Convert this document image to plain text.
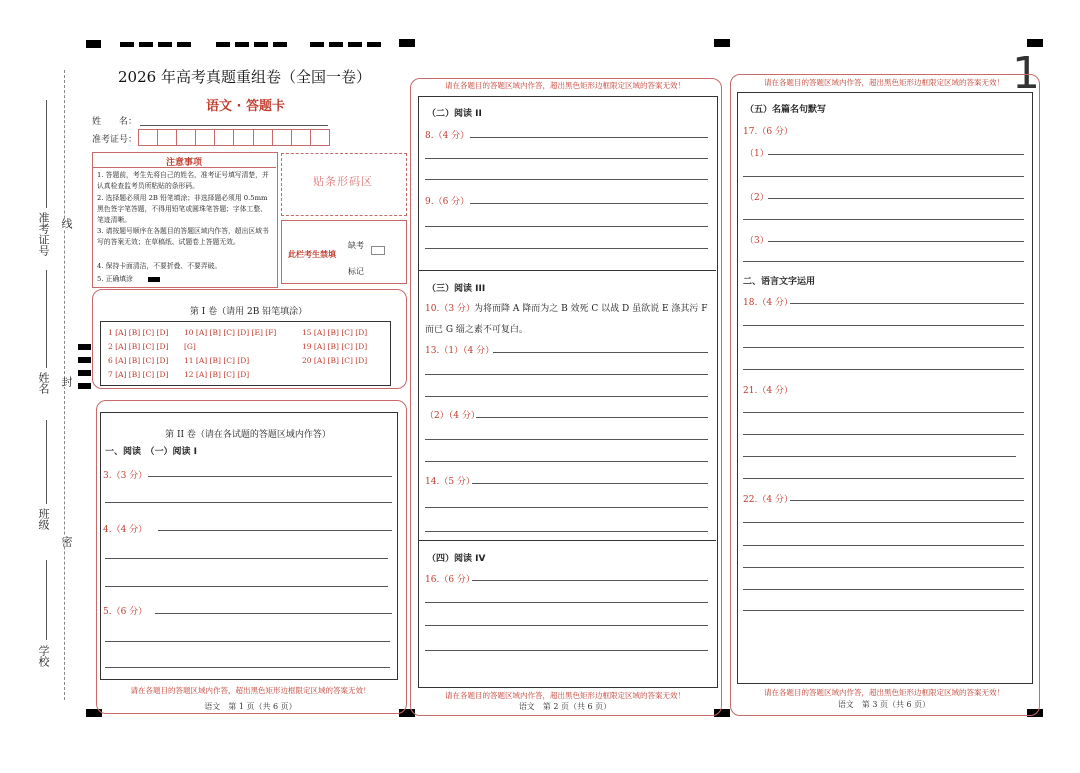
1
准考证号 线
姓名 封
班级
密
学校
2026 年高考真题重组卷（全国一卷）
语文 · 答题卡
姓　　名：
准考证号：
注意事项
1. 答题前，考生先将自己的姓名，准考证号填写清楚，并认真检查监考员所粘贴的条形码。
2. 选择题必须用 2B 铅笔填涂；非选择题必须用 0.5mm 黑色签字笔答题，不得用铅笔或圆珠笔答题；字体工整、笔迹清晰。
3. 请按题号顺序在各题目的答题区域内作答，超出区域书写的答案无效；在草稿纸、试题卷上答题无效。
4. 保持卡面清洁，不要折叠、不要弄破。
5. 正确填涂
贴条形码区
此栏考生禁填
缺考
标记
第 I 卷（请用 2B 铅笔填涂）
1 [A] [B] [C] [D]
2 [A] [B] [C] [D]
6 [A] [B] [C] [D]
7 [A] [B] [C] [D]
10 [A] [B] [C] [D] [E] [F]
[G]
11 [A] [B] [C] [D]
12 [A] [B] [C] [D]
15 [A] [B] [C] [D]
19 [A] [B] [C] [D]
20 [A] [B] [C] [D]
第 II 卷（请在各试题的答题区域内作答）
一、阅读　（一）阅读 I
3.（3 分）
4.（4 分）
5.（6 分）
请在各题目的答题区域内作答，超出黑色矩形边框限定区域的答案无效！
语文　第 1 页（共 6 页）
请在各题目的答题区域内作答，超出黑色矩形边框限定区域的答案无效！
（二）阅读 II
8.（4 分）
9.（6 分）
（三）阅读 III
10.（3 分） 为将而降 A 降而为之 B 效死 C 以战 D 虽欲说 E 涤其污 F
而已 G 缁之素不可复白。
13.（1）（4 分）
（2）（4 分）
14.（5 分）
（四）阅读 IV
16.（6 分）
请在各题目的答题区域内作答，超出黑色矩形边框限定区域的答案无效！
语文　第 2 页（共 6 页）
请在各题目的答题区域内作答，超出黑色矩形边框限定区域的答案无效！
（五）名篇名句默写
17.（6 分）
（1）
（2）
（3）
二、语言文字运用
18.（4 分）
21.（4 分）
22.（4 分）
请在各题目的答题区域内作答，超出黑色矩形边框限定区域的答案无效！
语文　第 3 页（共 6 页）
